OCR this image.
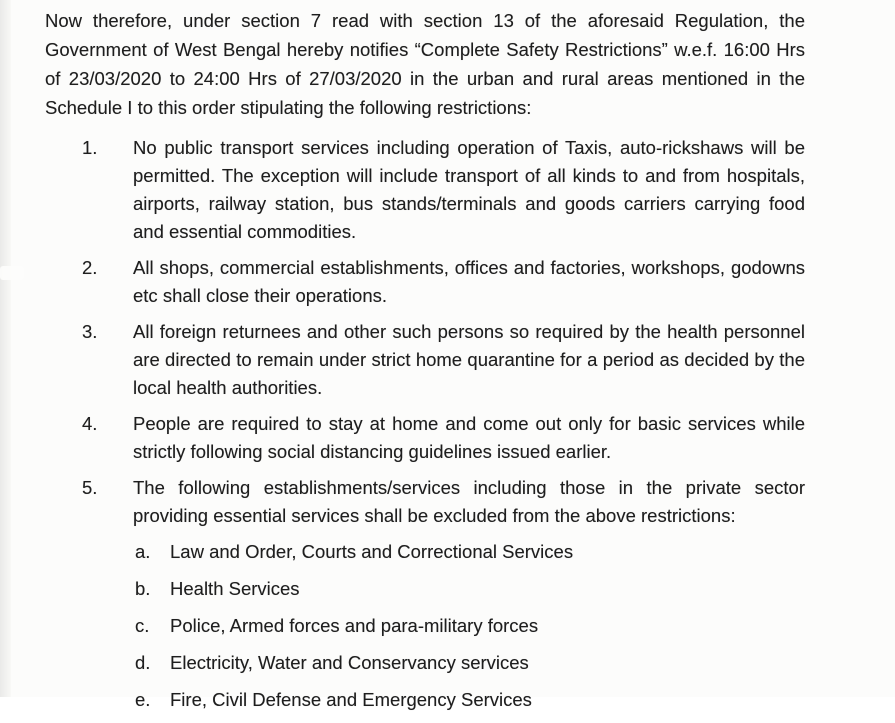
Now therefore, under section 7 read with section 13 of the aforesaid Regulation, the Government of West Bengal hereby notifies “Complete Safety Restrictions” w.e.f. 16:00 Hrs of 23/03/2020 to 24:00 Hrs of 27/03/2020 in the urban and rural areas mentioned in the Schedule I to this order stipulating the following restrictions:

1.	No public transport services including operation of Taxis, auto-rickshaws will be permitted. The exception will include transport of all kinds to and from hospitals, airports, railway station, bus stands/terminals and goods carriers carrying food and essential commodities.
2.	All shops, commercial establishments, offices and factories, workshops, godowns etc shall close their operations.
3.	All foreign returnees and other such persons so required by the health personnel are directed to remain under strict home quarantine for a period as decided by the local health authorities.
4.	People are required to stay at home and come out only for basic services while strictly following social distancing guidelines issued earlier.
5.	The following establishments/services including those in the private sector providing essential services shall be excluded from the above restrictions:
a.	Law and Order, Courts and Correctional Services
b.	Health Services
c.	Police, Armed forces and para-military forces
d.	Electricity, Water and Conservancy services
e.	Fire, Civil Defense and Emergency Services
